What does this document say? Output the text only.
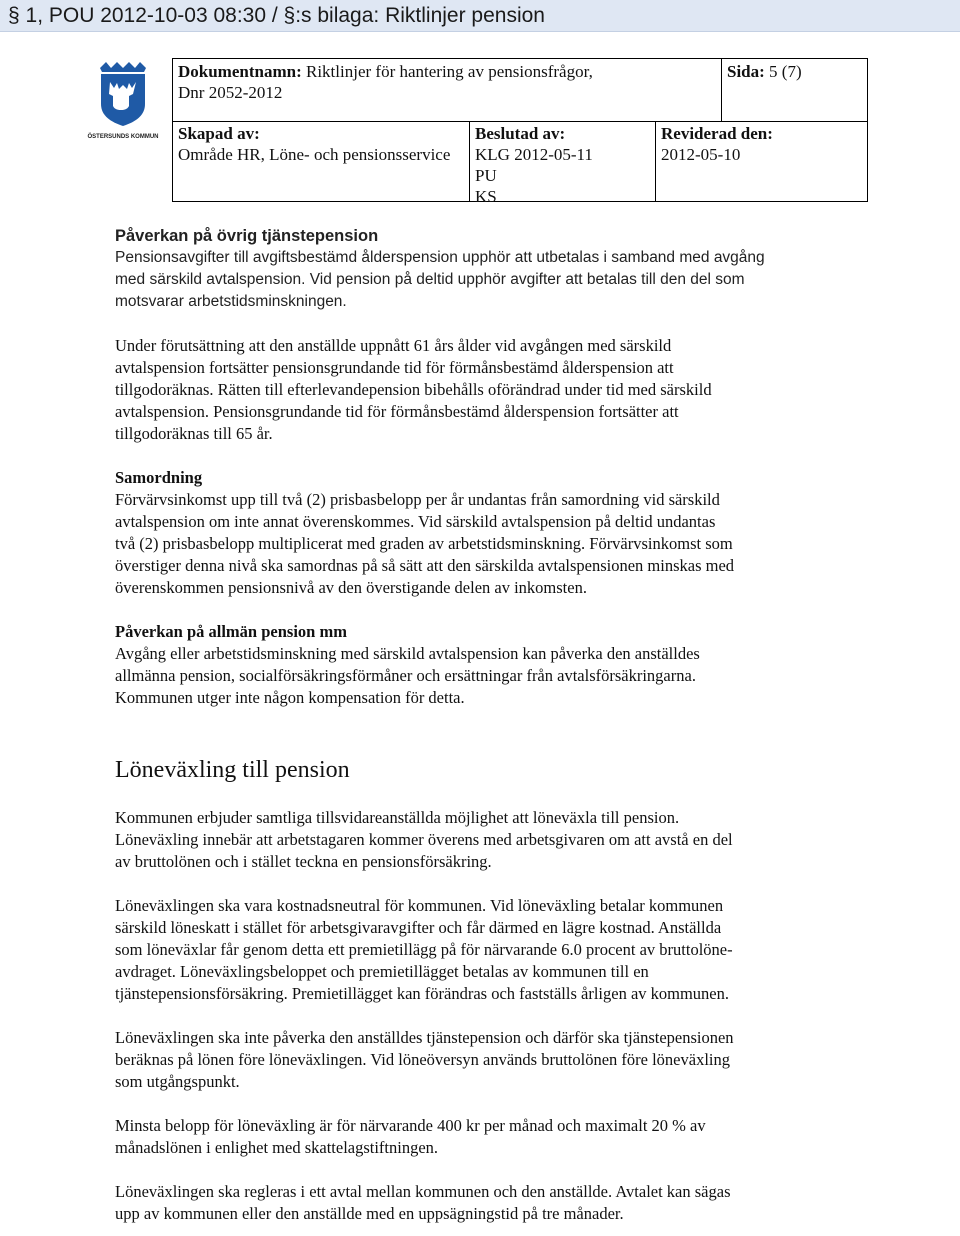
§ 1, POU 2012-10-03 08:30 / §:s bilaga: Riktlinjer pension
ÖSTERSUNDS KOMMUN
Dokumentnamn: Riktlinjer för hantering av pensionsfrågor,
Dnr 2052-2012
Sida: 5 (7)
Skapad av:
Område HR, Löne- och pensionsservice
Beslutad av:
KLG 2012-05-11
PU
KS
Reviderad den:
2012-05-10
Påverkan på övrig tjänstepension

Pensionsavgifter till avgiftsbestämd ålderspension upphör att utbetalas i samband med avgång

med särskild avtalspension. Vid pension på deltid upphör avgifter att betalas till den del som

motsvarar arbetstidsminskningen.

Under förutsättning att den anställde uppnått 61 års ålder vid avgången med särskild

avtalspension fortsätter pensionsgrundande tid för förmånsbestämd ålderspension att

tillgodoräknas. Rätten till efterlevandepension bibehålls oförändrad under tid med särskild

avtalspension. Pensionsgrundande tid för förmånsbestämd ålderspension fortsätter att

tillgodoräknas till 65 år.

Samordning

Förvärvsinkomst upp till två (2) prisbasbelopp per år undantas från samordning vid särskild

avtalspension om inte annat överenskommes. Vid särskild avtalspension på deltid undantas

två (2) prisbasbelopp multiplicerat med graden av arbetstidsminskning. Förvärvsinkomst som

överstiger denna nivå ska samordnas på så sätt att den särskilda avtalspensionen minskas med

överenskommen pensionsnivå av den överstigande delen av inkomsten.

Påverkan på allmän pension mm

Avgång eller arbetstidsminskning med särskild avtalspension kan påverka den anställdes

allmänna pension, socialförsäkringsförmåner och ersättningar från avtalsförsäkringarna.

Kommunen utger inte någon kompensation för detta.

Löneväxling till pension

Kommunen erbjuder samtliga tillsvidareanställda möjlighet att löneväxla till pension.

Löneväxling innebär att arbetstagaren kommer överens med arbetsgivaren om att avstå en del

av bruttolönen och i stället teckna en pensionsförsäkring.

Löneväxlingen ska vara kostnadsneutral för kommunen. Vid löneväxling betalar kommunen

särskild löneskatt i stället för arbetsgivaravgifter och får därmed en lägre kostnad. Anställda

som löneväxlar får genom detta ett premietillägg på för närvarande 6.0 procent av bruttolöne-

avdraget. Löneväxlingsbeloppet och premietillägget betalas av kommunen till en

tjänstepensionsförsäkring. Premietillägget kan förändras och fastställs årligen av kommunen.

Löneväxlingen ska inte påverka den anställdes tjänstepension och därför ska tjänstepensionen

beräknas på lönen före löneväxlingen. Vid löneöversyn används bruttolönen före löneväxling

som utgångspunkt.

Minsta belopp för löneväxling är för närvarande 400 kr per månad och maximalt 20 % av

månadslönen i enlighet med skattelagstiftningen.

Löneväxlingen ska regleras i ett avtal mellan kommunen och den anställde. Avtalet kan sägas

upp av kommunen eller den anställde med en uppsägningstid på tre månader.
